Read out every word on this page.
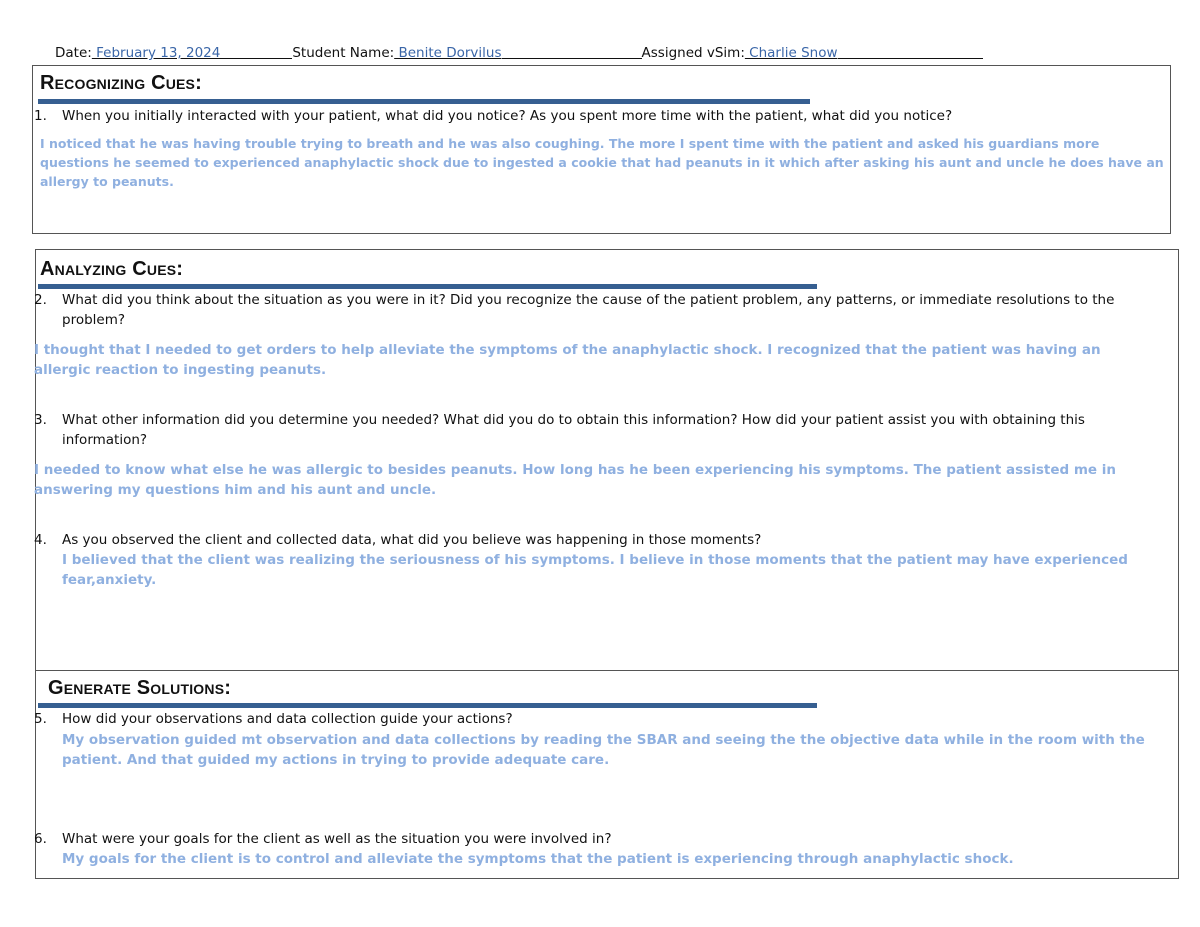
Date: February 13, 2024	Student Name: Benite Dorvilus	Assigned vSim: Charlie Snow
Recognizing Cues:
1. When you initially interacted with your patient, what did you notice? As you spent more time with the patient, what did you notice?
I noticed that he was having trouble trying to breath and he was also coughing. The more I spent time with the patient and asked his guardians more questions he seemed to experienced anaphylactic shock due to ingested a cookie that had peanuts in it which after asking his aunt and uncle he does have an allergy to peanuts.
Analyzing Cues:
2. What did you think about the situation as you were in it? Did you recognize the cause of the patient problem, any patterns, or immediate resolutions to the problem?
I thought that I needed to get orders to help alleviate the symptoms of the anaphylactic shock. I recognized that the patient was having an allergic reaction to ingesting peanuts.
3. What other information did you determine you needed? What did you do to obtain this information? How did your patient assist you with obtaining this information?
I needed to know what else he was allergic to besides peanuts. How long has he been experiencing his symptoms. The patient assisted me in answering my questions him and his aunt and uncle.
4. As you observed the client and collected data, what did you believe was happening in those moments?
I believed that the client was realizing the seriousness of his symptoms. I believe in those moments that the patient may have experienced fear,anxiety.
Generate Solutions:
5. How did your observations and data collection guide your actions?
My observation guided mt observation and data collections by reading the SBAR and seeing the the objective data while in the room with the patient. And that guided my actions in trying to provide adequate care.
6. What were your goals for the client as well as the situation you were involved in?
My goals for the client is to control and alleviate the symptoms that the patient is experiencing through anaphylactic shock.
